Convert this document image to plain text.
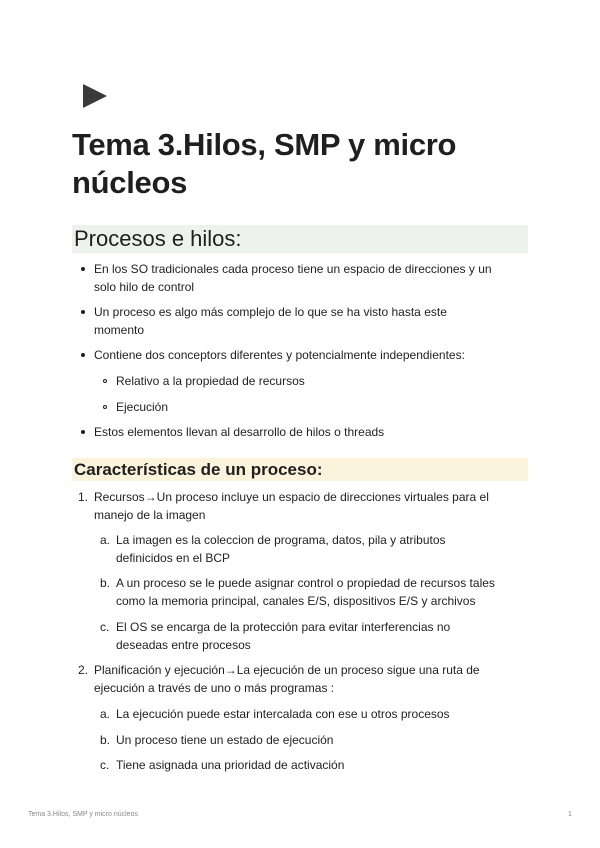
Tema 3.Hilos, SMP y micro núcleos
Procesos e hilos:
En los SO tradicionales cada proceso tiene un espacio de direcciones y un
solo hilo de control
Un proceso es algo más complejo de lo que se ha visto hasta este
momento
Contiene dos conceptors diferentes y potencialmente independientes:
Relativo a la propiedad de recursos
Ejecución
Estos elementos llevan al desarrollo de hilos o threads
Características de un proceso:
1. Recursos→Un proceso incluye un espacio de direcciones virtuales para el
manejo de la imagen
a. La imagen es la coleccion de programa, datos, pila y atributos
definicidos en el BCP
b. A un proceso se le puede asignar control o propiedad de recursos tales
como la memoria principal, canales E/S, dispositivos E/S y archivos
c. El OS se encarga de la protección para evitar interferencias no
deseadas entre procesos
2. Planificación y ejecución→La ejecución de un proceso sigue una ruta de
ejecución a través de uno o más programas :
a. La ejecución puede estar intercalada con ese u otros procesos
b. Un proceso tiene un estado de ejecución
c. Tiene asignada una prioridad de activación
Tema 3.Hilos, SMP y micro núcleos	1
